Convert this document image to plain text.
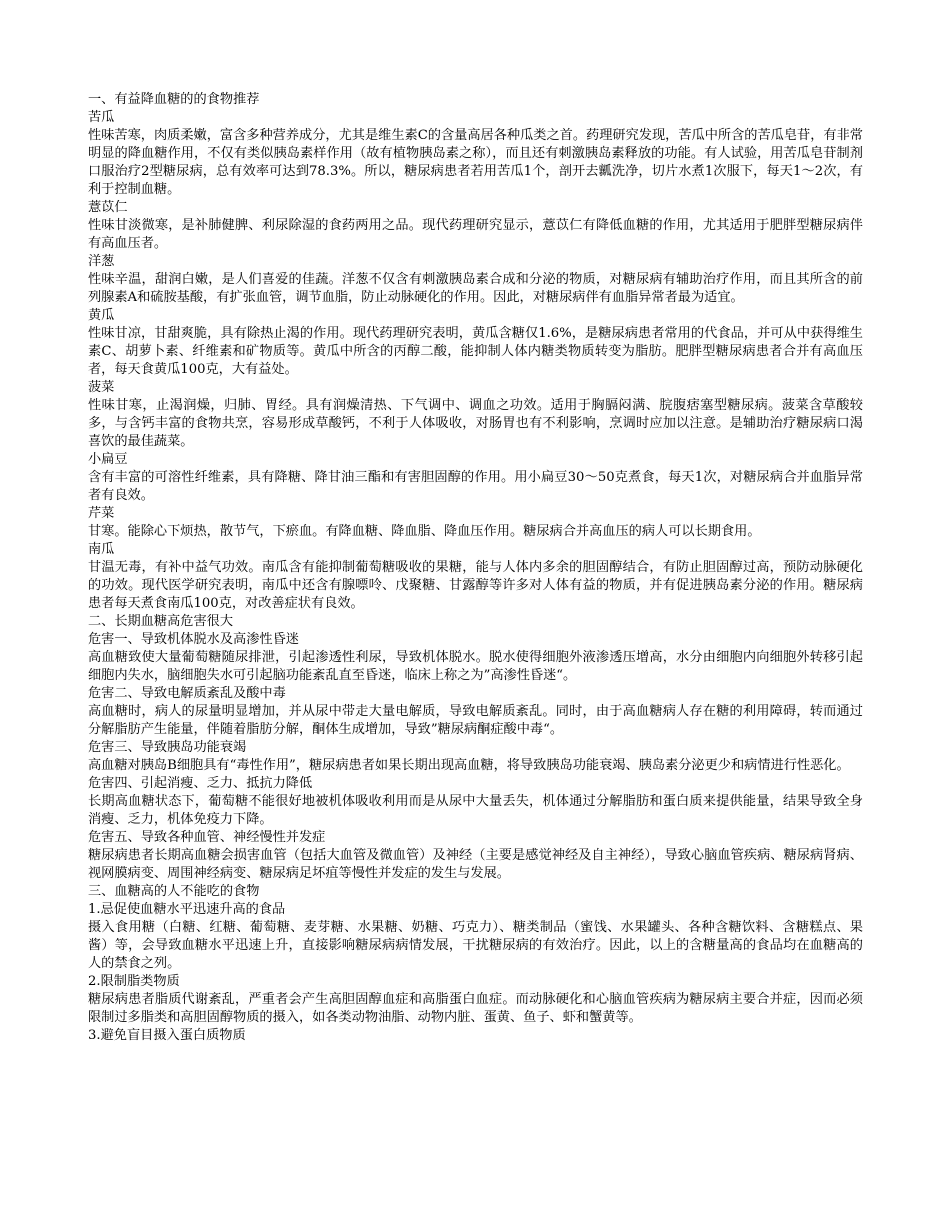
一、有益降血糖的的食物推荐
苦瓜
性味苦寒，肉质柔嫩，富含多种营养成分，尤其是维生素C的含量高居各种瓜类之首。药理研究发现，苦瓜中所含的苦瓜皂苷，有非常明显的降血糖作用，不仅有类似胰岛素样作用（故有植物胰岛素之称），而且还有刺激胰岛素释放的功能。有人试验，用苦瓜皂苷制剂口服治疗2型糖尿病，总有效率可达到78.3%。所以，糖尿病患者若用苦瓜1个，剖开去瓤洗净，切片水煮1次服下，每天1～2次，有利于控制血糖。
薏苡仁
性味甘淡微寒，是补肺健脾、利尿除湿的食药两用之品。现代药理研究显示，薏苡仁有降低血糖的作用，尤其适用于肥胖型糖尿病伴有高血压者。
洋葱
性味辛温，甜润白嫩，是人们喜爱的佳蔬。洋葱不仅含有刺激胰岛素合成和分泌的物质，对糖尿病有辅助治疗作用，而且其所含的前列腺素A和硫胺基酸，有扩张血管，调节血脂，防止动脉硬化的作用。因此，对糖尿病伴有血脂异常者最为适宜。
黄瓜
性味甘凉，甘甜爽脆，具有除热止渴的作用。现代药理研究表明，黄瓜含糖仅1.6%，是糖尿病患者常用的代食品，并可从中获得维生素C、胡萝卜素、纤维素和矿物质等。黄瓜中所含的丙醇二酸，能抑制人体内糖类物质转变为脂肪。肥胖型糖尿病患者合并有高血压者，每天食黄瓜100克，大有益处。
菠菜
性味甘寒，止渴润燥，归肺、胃经。具有润燥清热、下气调中、调血之功效。适用于胸膈闷满、脘腹痞塞型糖尿病。菠菜含草酸较多，与含钙丰富的食物共烹，容易形成草酸钙，不利于人体吸收，对肠胃也有不利影响，烹调时应加以注意。是辅助治疗糖尿病口渴喜饮的最佳蔬菜。
小扁豆
含有丰富的可溶性纤维素，具有降糖、降甘油三酯和有害胆固醇的作用。用小扁豆30～50克煮食，每天1次，对糖尿病合并血脂异常者有良效。
芹菜
甘寒。能除心下烦热，散节气，下瘀血。有降血糖、降血脂、降血压作用。糖尿病合并高血压的病人可以长期食用。
南瓜
甘温无毒，有补中益气功效。南瓜含有能抑制葡萄糖吸收的果糖，能与人体内多余的胆固醇结合，有防止胆固醇过高，预防动脉硬化的功效。现代医学研究表明，南瓜中还含有腺嘌呤、戊聚糖、甘露醇等许多对人体有益的物质，并有促进胰岛素分泌的作用。糖尿病患者每天煮食南瓜100克，对改善症状有良效。
二、长期血糖高危害很大
危害一、导致机体脱水及高渗性昏迷
高血糖致使大量葡萄糖随尿排泄，引起渗透性利尿，导致机体脱水。脱水使得细胞外液渗透压增高，水分由细胞内向细胞外转移引起细胞内失水，脑细胞失水可引起脑功能紊乱直至昏迷，临床上称之为”高渗性昏迷“。
危害二、导致电解质紊乱及酸中毒
高血糖时，病人的尿量明显增加，并从尿中带走大量电解质，导致电解质紊乱。同时，由于高血糖病人存在糖的利用障碍，转而通过分解脂肪产生能量，伴随着脂肪分解，酮体生成增加，导致”糖尿病酮症酸中毒“。
危害三、导致胰岛功能衰竭
高血糖对胰岛B细胞具有“毒性作用”，糖尿病患者如果长期出现高血糖，将导致胰岛功能衰竭、胰岛素分泌更少和病情进行性恶化。
危害四、引起消瘦、乏力、抵抗力降低
长期高血糖状态下，葡萄糖不能很好地被机体吸收利用而是从尿中大量丢失，机体通过分解脂肪和蛋白质来提供能量，结果导致全身消瘦、乏力，机体免疫力下降。
危害五、导致各种血管、神经慢性并发症
糖尿病患者长期高血糖会损害血管（包括大血管及微血管）及神经（主要是感觉神经及自主神经），导致心脑血管疾病、糖尿病肾病、视网膜病变、周围神经病变、糖尿病足坏疽等慢性并发症的发生与发展。
三、血糖高的人不能吃的食物
1.忌促使血糖水平迅速升高的食品
摄入食用糖（白糖、红糖、葡萄糖、麦芽糖、水果糖、奶糖、巧克力）、糖类制品（蜜饯、水果罐头、各种含糖饮料、含糖糕点、果酱）等，会导致血糖水平迅速上升，直接影响糖尿病病情发展，干扰糖尿病的有效治疗。因此，以上的含糖量高的食品均在血糖高的人的禁食之列。
2.限制脂类物质
糖尿病患者脂质代谢紊乱，严重者会产生高胆固醇血症和高脂蛋白血症。而动脉硬化和心脑血管疾病为糖尿病主要合并症，因而必须限制过多脂类和高胆固醇物质的摄入，如各类动物油脂、动物内脏、蛋黄、鱼子、虾和蟹黄等。
3.避免盲目摄入蛋白质物质
